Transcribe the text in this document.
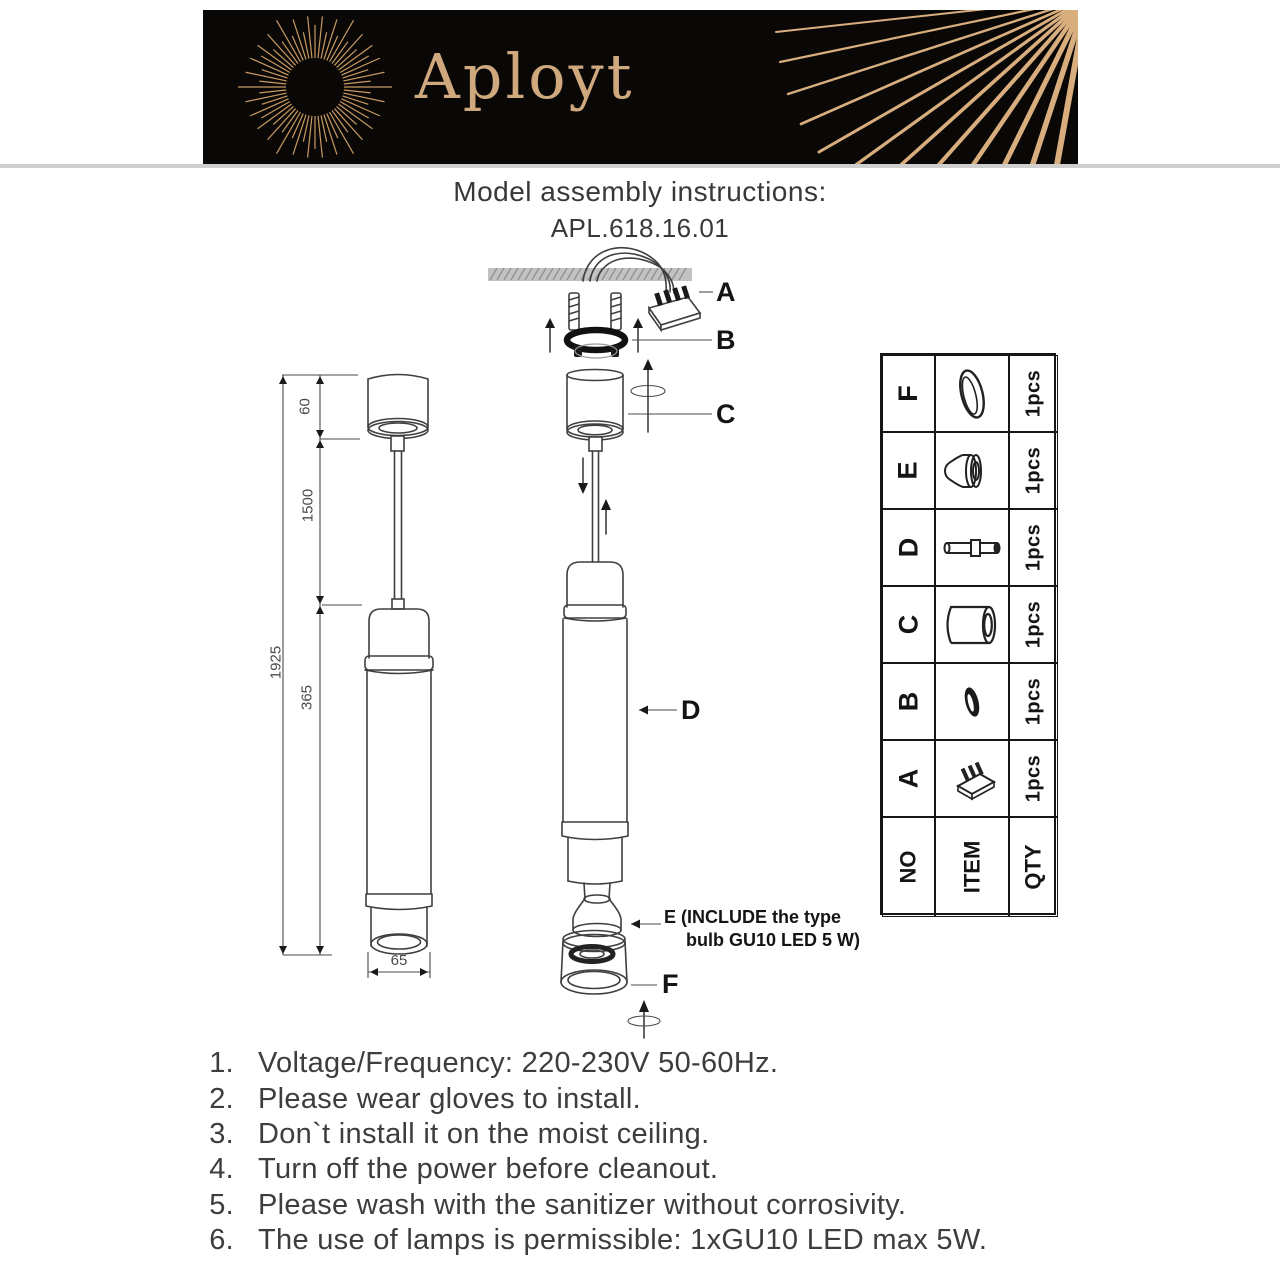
Aployt
Model assembly instructions:
APL.618.16.01
60
1500
1925
365
65
A
B
C
D
F
E (INCLUDE the type
bulb GU10 LED 5 W)
F	1pcs
E	1pcs
D	1pcs
C	1pcs
B	1pcs
A	1pcs
NO ITEM QTY
1. Voltage/Frequency: 220-230V 50-60Hz.
2. Please wear gloves to install.
3. Don`t install it on the moist ceiling.
4. Turn off the power before cleanout.
5. Please wash with the sanitizer without corrosivity.
6. The use of lamps is permissible: 1xGU10 LED max 5W.
